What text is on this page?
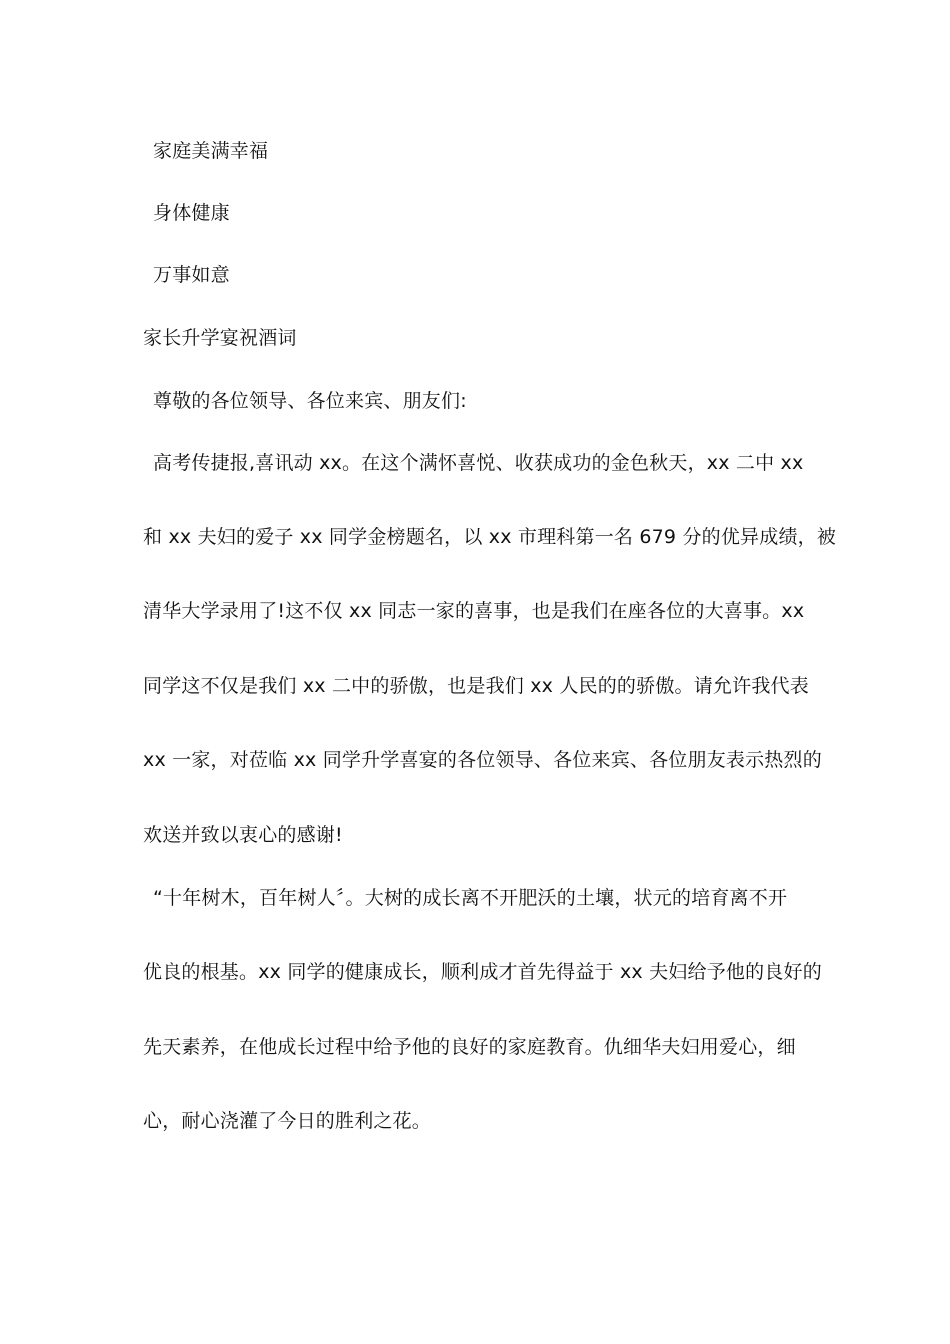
家庭美满幸福
身体健康
万事如意
家长升学宴祝酒词
尊敬的各位领导、各位来宾、朋友们:
高考传捷报,喜讯动 xx。在这个满怀喜悦、收获成功的金色秋天，xx 二中 xx
和 xx 夫妇的爱子 xx 同学金榜题名，以 xx 市理科第一名 679 分的优异成绩，被
清华大学录用了!这不仅 xx 同志一家的喜事，也是我们在座各位的大喜事。xx
同学这不仅是我们 xx 二中的骄傲，也是我们 xx 人民的的骄傲。请允许我代表
xx 一家，对莅临 xx 同学升学喜宴的各位领导、各位来宾、各位朋友表示热烈的
欢送并致以衷心的感谢!
“十年树木，百年树人〞。大树的成长离不开肥沃的土壤，状元的培育离不开
优良的根基。xx 同学的健康成长，顺利成才首先得益于 xx 夫妇给予他的良好的
先天素养，在他成长过程中给予他的良好的家庭教育。仇细华夫妇用爱心，细
心，耐心浇灌了今日的胜利之花。
